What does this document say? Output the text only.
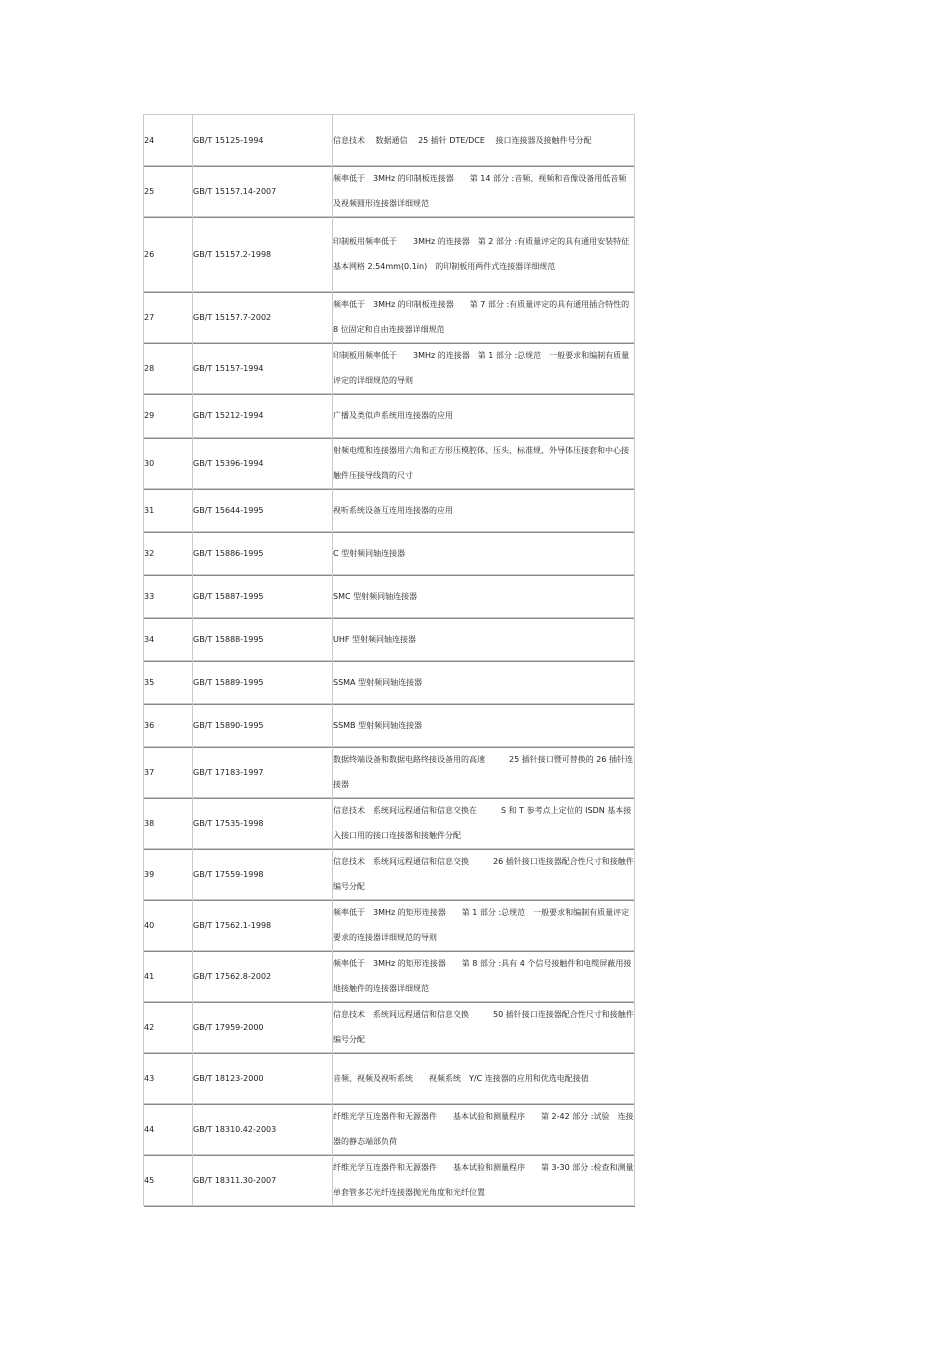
24	GB/T 15125-1994	信息技术　 数据通信　 25 插针 DTE/DCE　 接口连接器及接触件号分配
25	GB/T 15157.14-2007	频率低于　3MHz 的印制板连接器　　第 14 部分 :音频、视频和音像设备用低音频及视频圆形连接器详细规范
26	GB/T 15157.2-1998	印制板用频率低于　　3MHz 的连接器　第 2 部分 :有质量评定的具有通用安装特征　 基本网格 2.54mm(0.1in)　的印制板用两件式连接器详细规范
27	GB/T 15157.7-2002	频率低于　3MHz 的印制板连接器　　第 7 部分 :有质量评定的具有通用插合特性的　8 位固定和自由连接器详细规范
28	GB/T 15157-1994	印制板用频率低于　　3MHz 的连接器　第 1 部分 :总规范　一般要求和编制有质量评定的详细规范的导则
29	GB/T 15212-1994	广播及类似声系统用连接器的应用
30	GB/T 15396-1994	射频电缆和连接器用六角和正方形压模腔体、压头、标准规、外导体压接套和中心接触件压接导线筒的尺寸
31	GB/T 15644-1995	视听系统设备互连用连接器的应用
32	GB/T 15886-1995	C 型射频同轴连接器
33	GB/T 15887-1995	SMC 型射频同轴连接器
34	GB/T 15888-1995	UHF 型射频同轴连接器
35	GB/T 15889-1995	SSMA 型射频同轴连接器
36	GB/T 15890-1995	SSMB 型射频同轴连接器
37	GB/T 17183-1997	数据终端设备和数据电路终接设备用的高速　　　25 插针接口暨可替换的 26 插针连接器
38	GB/T 17535-1998	信息技术　系统间远程通信和信息交换在　　　S 和 T 参考点上定位的 ISDN 基本接入接口用的接口连接器和接触件分配
39	GB/T 17559-1998	信息技术　系统间远程通信和信息交换　　　26 插针接口连接器配合性尺寸和接触件编号分配
40	GB/T 17562.1-1998	频率低于　3MHz 的矩形连接器　　第 1 部分 :总规范　一般要求和编制有质量评定要求的连接器详细规范的导则
41	GB/T 17562.8-2002	频率低于　3MHz 的矩形连接器　　第 8 部分 :具有 4 个信号接触件和电缆屏蔽用接地接触件的连接器详细规范
42	GB/T 17959-2000	信息技术　系统间远程通信和信息交换　　　50 插针接口连接器配合性尺寸和接触件编号分配
43	GB/T 18123-2000	音频、视频及视听系统　　视频系统　Y/C 连接器的应用和优选电配接值
44	GB/T 18310.42-2003	纤维光学互连器件和无源器件　　基本试验和测量程序　　第 2-42 部分 :试验　连接器的静态端部负荷
45	GB/T 18311.30-2007	纤维光学互连器件和无源器件　　基本试验和测量程序　　第 3-30 部分 :检查和测量　单套管多芯光纤连接器抛光角度和光纤位置
